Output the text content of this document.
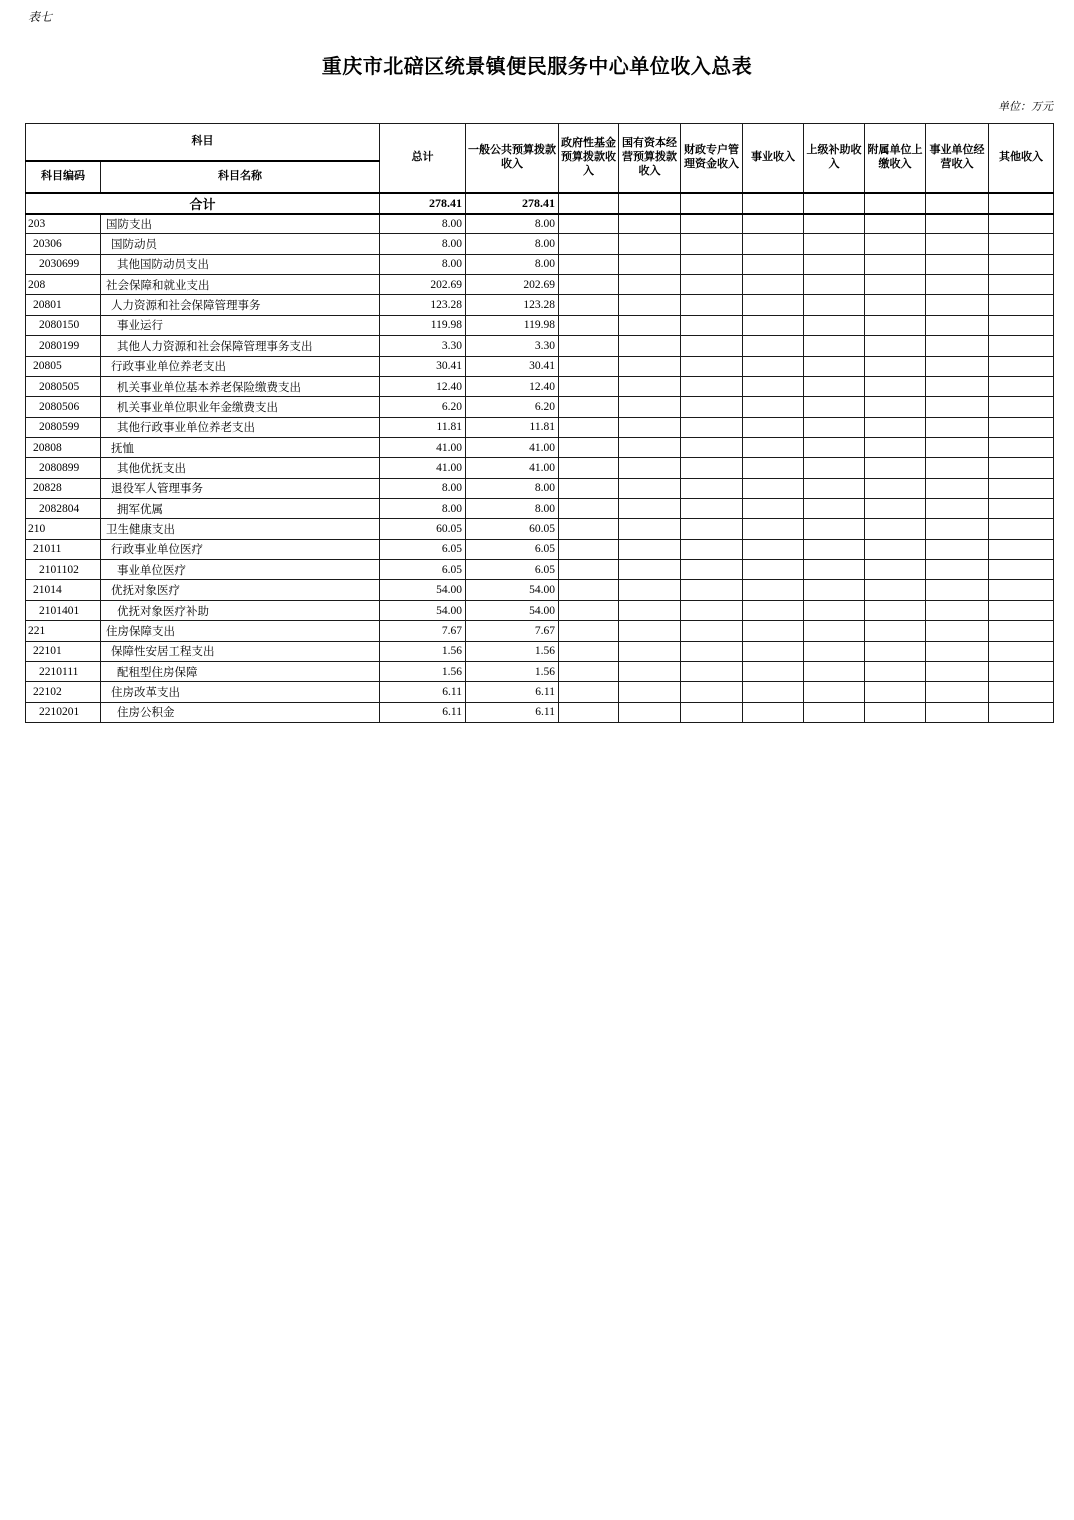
表七
重庆市北碚区统景镇便民服务中心单位收入总表
单位：万元
科目		总计	一般公共预算拨款收入	政府性基金预算拨款收入	国有资本经营预算拨款收入	财政专户管理资金收入	事业收入	上级补助收入	附属单位上缴收入	事业单位经营收入	其他收入
科目编码	科目名称										
合计		278.41	278.41								
203	国防支出	8.00	8.00								
20306	国防动员	8.00	8.00								
2030699	其他国防动员支出	8.00	8.00								
208	社会保障和就业支出	202.69	202.69								
20801	人力资源和社会保障管理事务	123.28	123.28								
2080150	事业运行	119.98	119.98								
2080199	其他人力资源和社会保障管理事务支出	3.30	3.30								
20805	行政事业单位养老支出	30.41	30.41								
2080505	机关事业单位基本养老保险缴费支出	12.40	12.40								
2080506	机关事业单位职业年金缴费支出	6.20	6.20								
2080599	其他行政事业单位养老支出	11.81	11.81								
20808	抚恤	41.00	41.00								
2080899	其他优抚支出	41.00	41.00								
20828	退役军人管理事务	8.00	8.00								
2082804	拥军优属	8.00	8.00								
210	卫生健康支出	60.05	60.05								
21011	行政事业单位医疗	6.05	6.05								
2101102	事业单位医疗	6.05	6.05								
21014	优抚对象医疗	54.00	54.00								
2101401	优抚对象医疗补助	54.00	54.00								
221	住房保障支出	7.67	7.67								
22101	保障性安居工程支出	1.56	1.56								
2210111	配租型住房保障	1.56	1.56								
22102	住房改革支出	6.11	6.11								
2210201	住房公积金	6.11	6.11								
